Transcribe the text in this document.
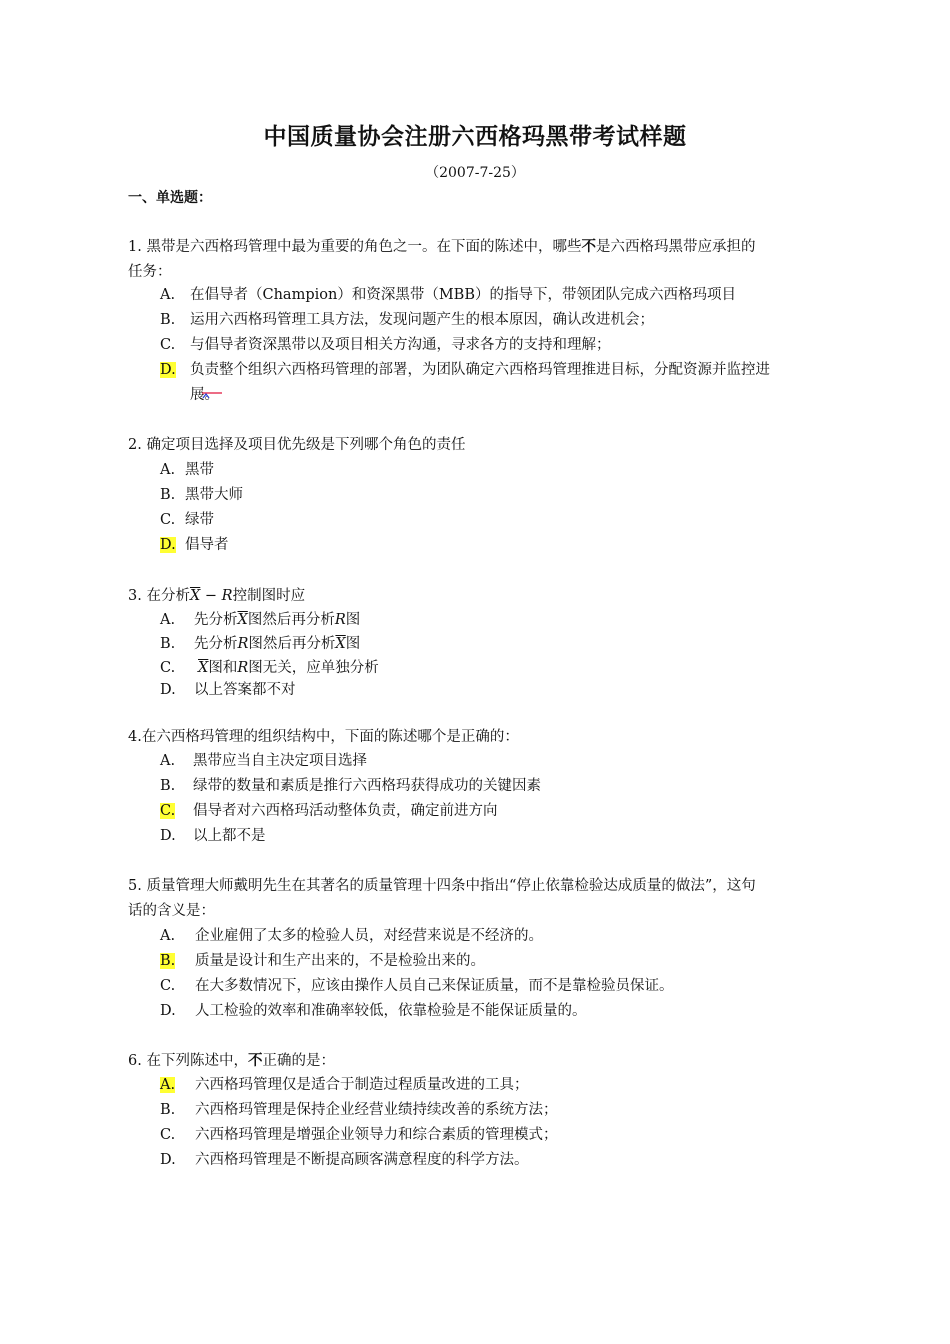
中国质量协会注册六西格玛黑带考试样题
（2007-7-25）
一、单选题：
1. 黑带是六西格玛管理中最为重要的角色之一。在下面的陈述中，哪些不是六西格玛黑带应承担的
任务：
A. 在倡导者（Champion）和资深黑带（MBB）的指导下，带领团队完成六西格玛项目
B. 运用六西格玛管理工具方法，发现问题产生的根本原因，确认改进机会；
C. 与倡导者资深黑带以及项目相关方沟通，寻求各方的支持和理解；
D. 负责整个组织六西格玛管理的部署，为团队确定六西格玛管理推进目标，分配资源并监控进
展。
2. 确定项目选择及项目优先级是下列哪个角色的责任
A. 黑带
B. 黑带大师
C. 绿带
D. 倡导者
3. 在分析$\overline{X} - R$控制图时应
A. 先分析$\overline{X}$图然后再分析R图
B. 先分析R图然后再分析$\overline{X}$图
C. $\overline{X}$图和R图无关，应单独分析
D. 以上答案都不对
4.在六西格玛管理的组织结构中，下面的陈述哪个是正确的：
A. 黑带应当自主决定项目选择
B. 绿带的数量和素质是推行六西格玛获得成功的关键因素
C. 倡导者对六西格玛活动整体负责，确定前进方向
D. 以上都不是
5. 质量管理大师戴明先生在其著名的质量管理十四条中指出“停止依靠检验达成质量的做法”，这句
话的含义是：
A. 企业雇佣了太多的检验人员，对经营来说是不经济的。
B. 质量是设计和生产出来的，不是检验出来的。
C. 在大多数情况下，应该由操作人员自己来保证质量，而不是靠检验员保证。
D. 人工检验的效率和准确率较低，依靠检验是不能保证质量的。
6. 在下列陈述中，不正确的是：
A. 六西格玛管理仅是适合于制造过程质量改进的工具；
B. 六西格玛管理是保持企业经营业绩持续改善的系统方法；
C. 六西格玛管理是增强企业领导力和综合素质的管理模式；
D. 六西格玛管理是不断提高顾客满意程度的科学方法。
